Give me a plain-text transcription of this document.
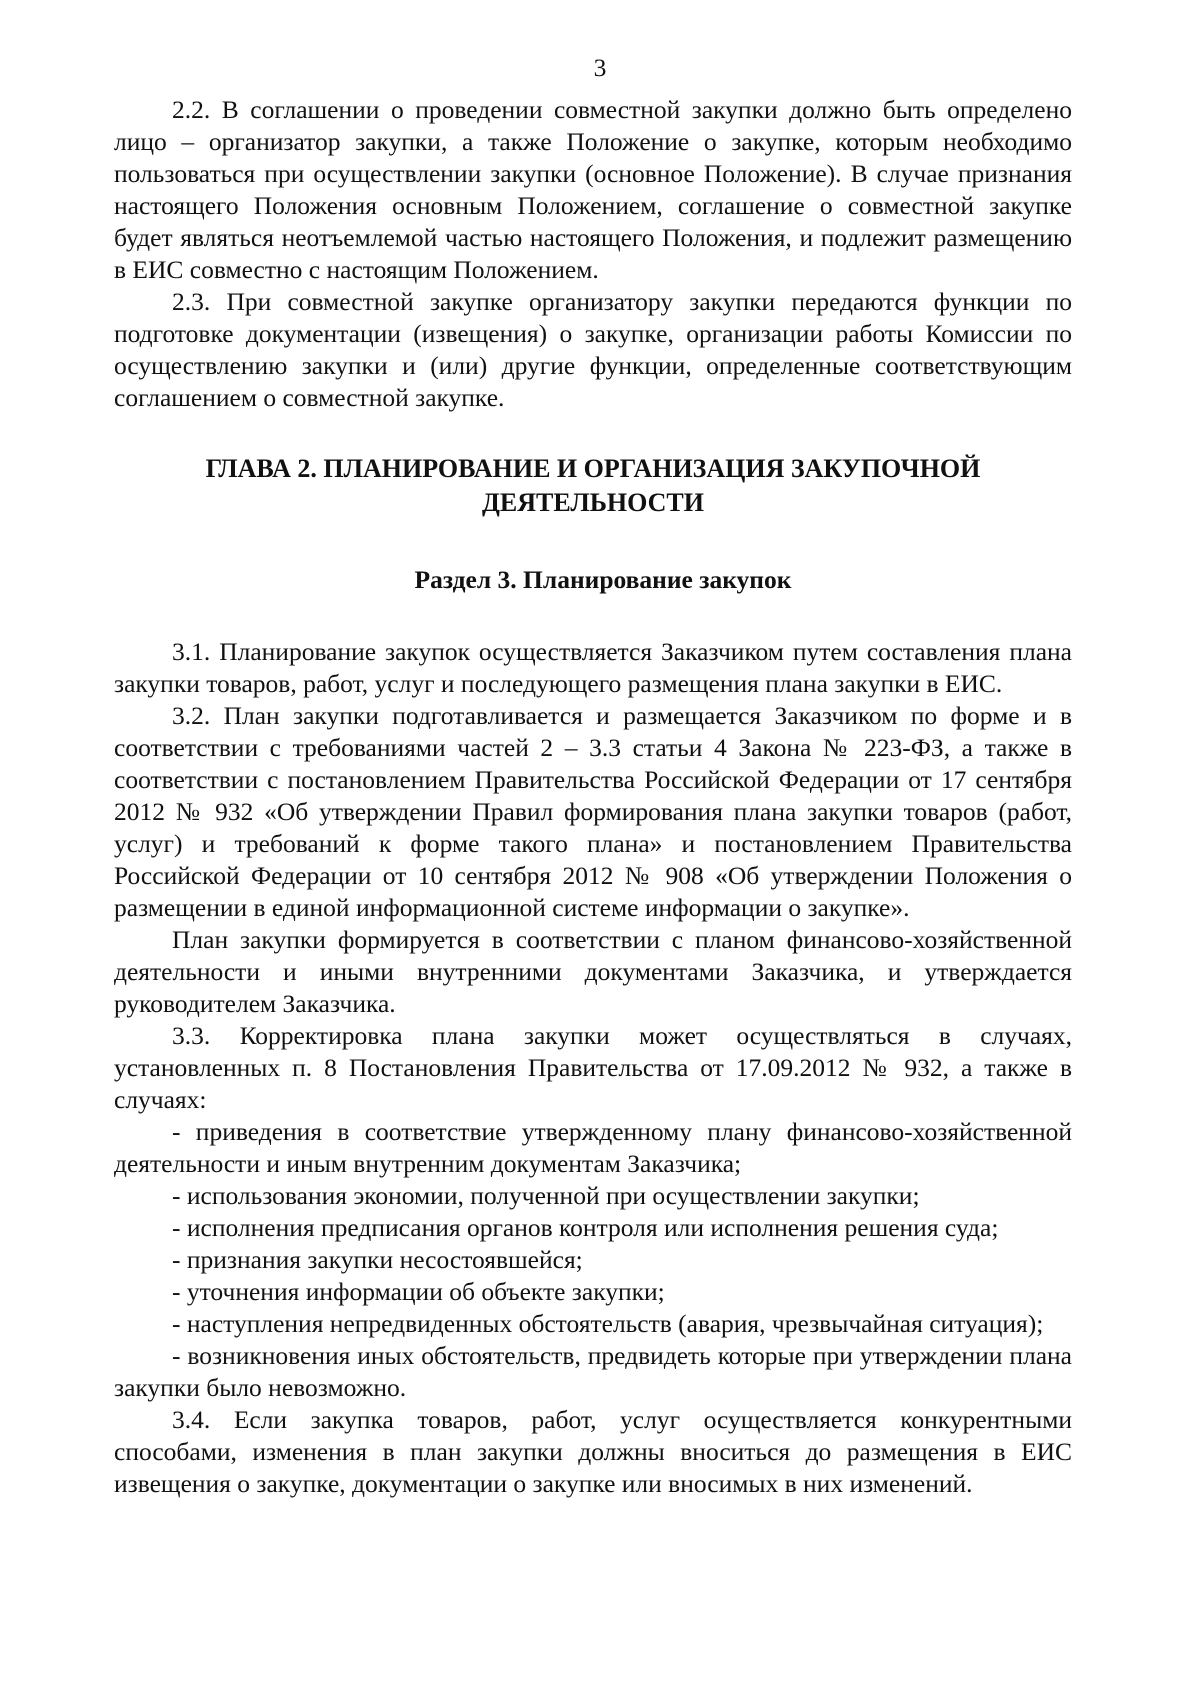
3

2.2. В соглашении о проведении совместной закупки должно быть определено лицо – организатор закупки, а также Положение о закупке, которым необходимо пользоваться при осуществлении закупки (основное Положение). В случае признания настоящего Положения основным Положением, соглашение о совместной закупке будет являться неотъемлемой частью настоящего Положения, и подлежит размещению в ЕИС совместно с настоящим Положением.

2.3. При совместной закупке организатору закупки передаются функции по подготовке документации (извещения) о закупке, организации работы Комиссии по осуществлению закупки и (или) другие функции, определенные соответствующим соглашением о совместной закупке.

ГЛАВА 2. ПЛАНИРОВАНИЕ И ОРГАНИЗАЦИЯ ЗАКУПОЧНОЙ
ДЕЯТЕЛЬНОСТИ
Раздел 3. Планирование закупок

3.1. Планирование закупок осуществляется Заказчиком путем составления плана закупки товаров, работ, услуг и последующего размещения плана закупки в ЕИС.

3.2. План закупки подготавливается и размещается Заказчиком по форме и в соответствии с требованиями частей 2 – 3.3 статьи 4 Закона № 223-ФЗ, а также в соответствии с постановлением Правительства Российской Федерации от 17 сентября 2012 № 932 «Об утверждении Правил формирования плана закупки товаров (работ, услуг) и требований к форме такого плана» и постановлением Правительства Российской Федерации от 10 сентября 2012 № 908 «Об утверждении Положения о размещении в единой информационной системе информации о закупке».

План закупки формируется в соответствии с планом финансово-хозяйственной деятельности и иными внутренними документами Заказчика, и утверждается руководителем Заказчика.

3.3. Корректировка плана закупки может осуществляться в случаях, установленных п. 8 Постановления Правительства от 17.09.2012 № 932, а также в случаях:

- приведения в соответствие утвержденному плану финансово-хозяйственной деятельности и иным внутренним документам Заказчика;

- использования экономии, полученной при осуществлении закупки;

- исполнения предписания органов контроля или исполнения решения суда;

- признания закупки несостоявшейся;

- уточнения информации об объекте закупки;

- наступления непредвиденных обстоятельств (авария, чрезвычайная ситуация);

- возникновения иных обстоятельств, предвидеть которые при утверждении плана закупки было невозможно.

3.4. Если закупка товаров, работ, услуг осуществляется конкурентными способами, изменения в план закупки должны вноситься до размещения в ЕИС извещения о закупке, документации о закупке или вносимых в них изменений.
